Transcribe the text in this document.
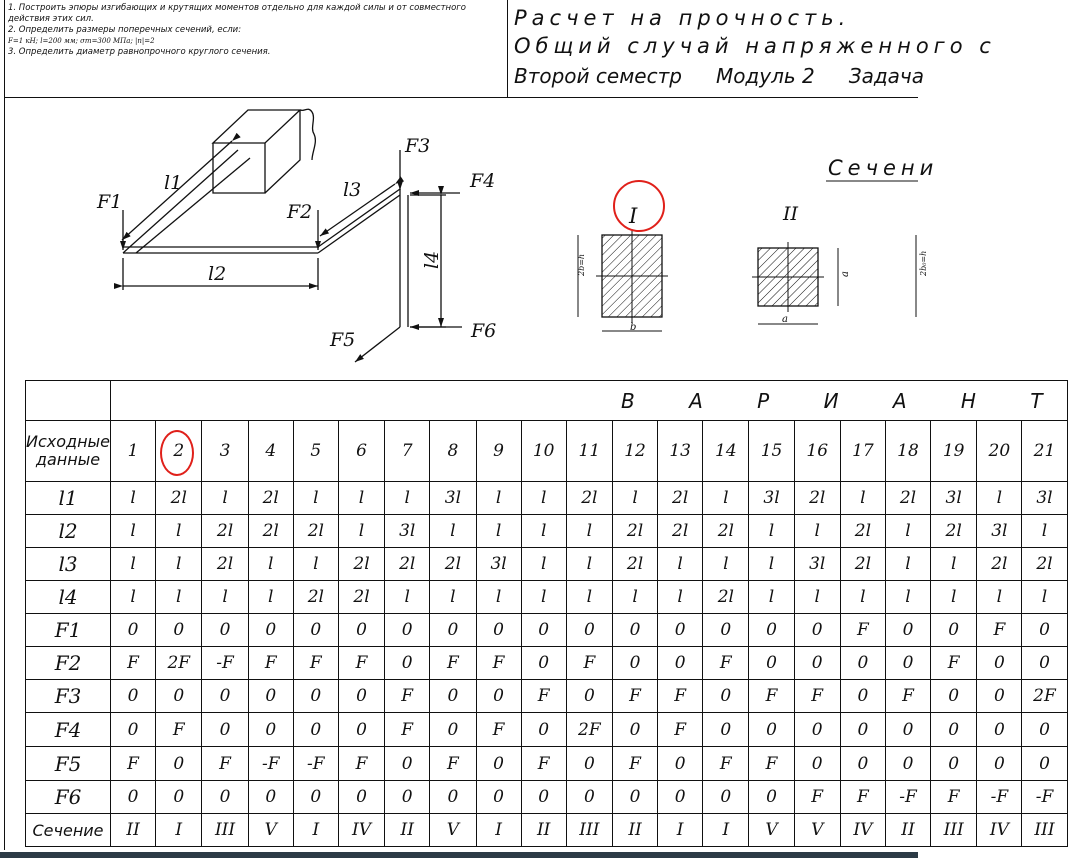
1. Построить эпюры изгибающих и крутящих моментов отдельно для каждой силы и от совместного действия этих сил.
2. Определить размеры поперечных сечений, если:
F=1 кН; l=200 мм; σт=300 МПа; |n|=2
3. Определить диаметр равнопрочного круглого сечения.
Расчет на прочность.
Общий случай напряженного с
Второй семестр Модуль 2 Задача
F1	F2
F3
F4
F5	F6
l1
l2
l3
l4
Сечени
I
2b=h
b
II
a
a
2b₀=h
	В А Р И А Н Т																				
Исходные данные	1	2	3	4	5	6	7	8	9	10	11	12	13	14	15	16	17	18	19	20	21
l1	l	2l	l	2l	l	l	l	3l	l	l	2l	l	2l	l	3l	2l	l	2l	3l	l	3l
l2	l	l	2l	2l	2l	l	3l	l	l	l	l	2l	2l	2l	l	l	2l	l	2l	3l	l
l3	l	l	2l	l	l	2l	2l	2l	3l	l	l	2l	l	l	l	3l	2l	l	l	2l	2l
l4	l	l	l	l	2l	2l	l	l	l	l	l	l	l	2l	l	l	l	l	l	l	l
F1	0	0	0	0	0	0	0	0	0	0	0	0	0	0	0	0	F	0	0	F	0
F2	F	2F	-F	F	F	F	0	F	F	0	F	0	0	F	0	0	0	0	F	0	0
F3	0	0	0	0	0	0	F	0	0	F	0	F	F	0	F	F	0	F	0	0	2F
F4	0	F	0	0	0	0	F	0	F	0	2F	0	F	0	0	0	0	0	0	0	0
F5	F	0	F	-F	-F	F	0	F	0	F	0	F	0	F	F	0	0	0	0	0	0
F6	0	0	0	0	0	0	0	0	0	0	0	0	0	0	0	F	F	-F	F	-F	-F
Сечение	II	I	III	V	I	IV	II	V	I	II	III	II	I	I	V	V	IV	II	III	IV	III
